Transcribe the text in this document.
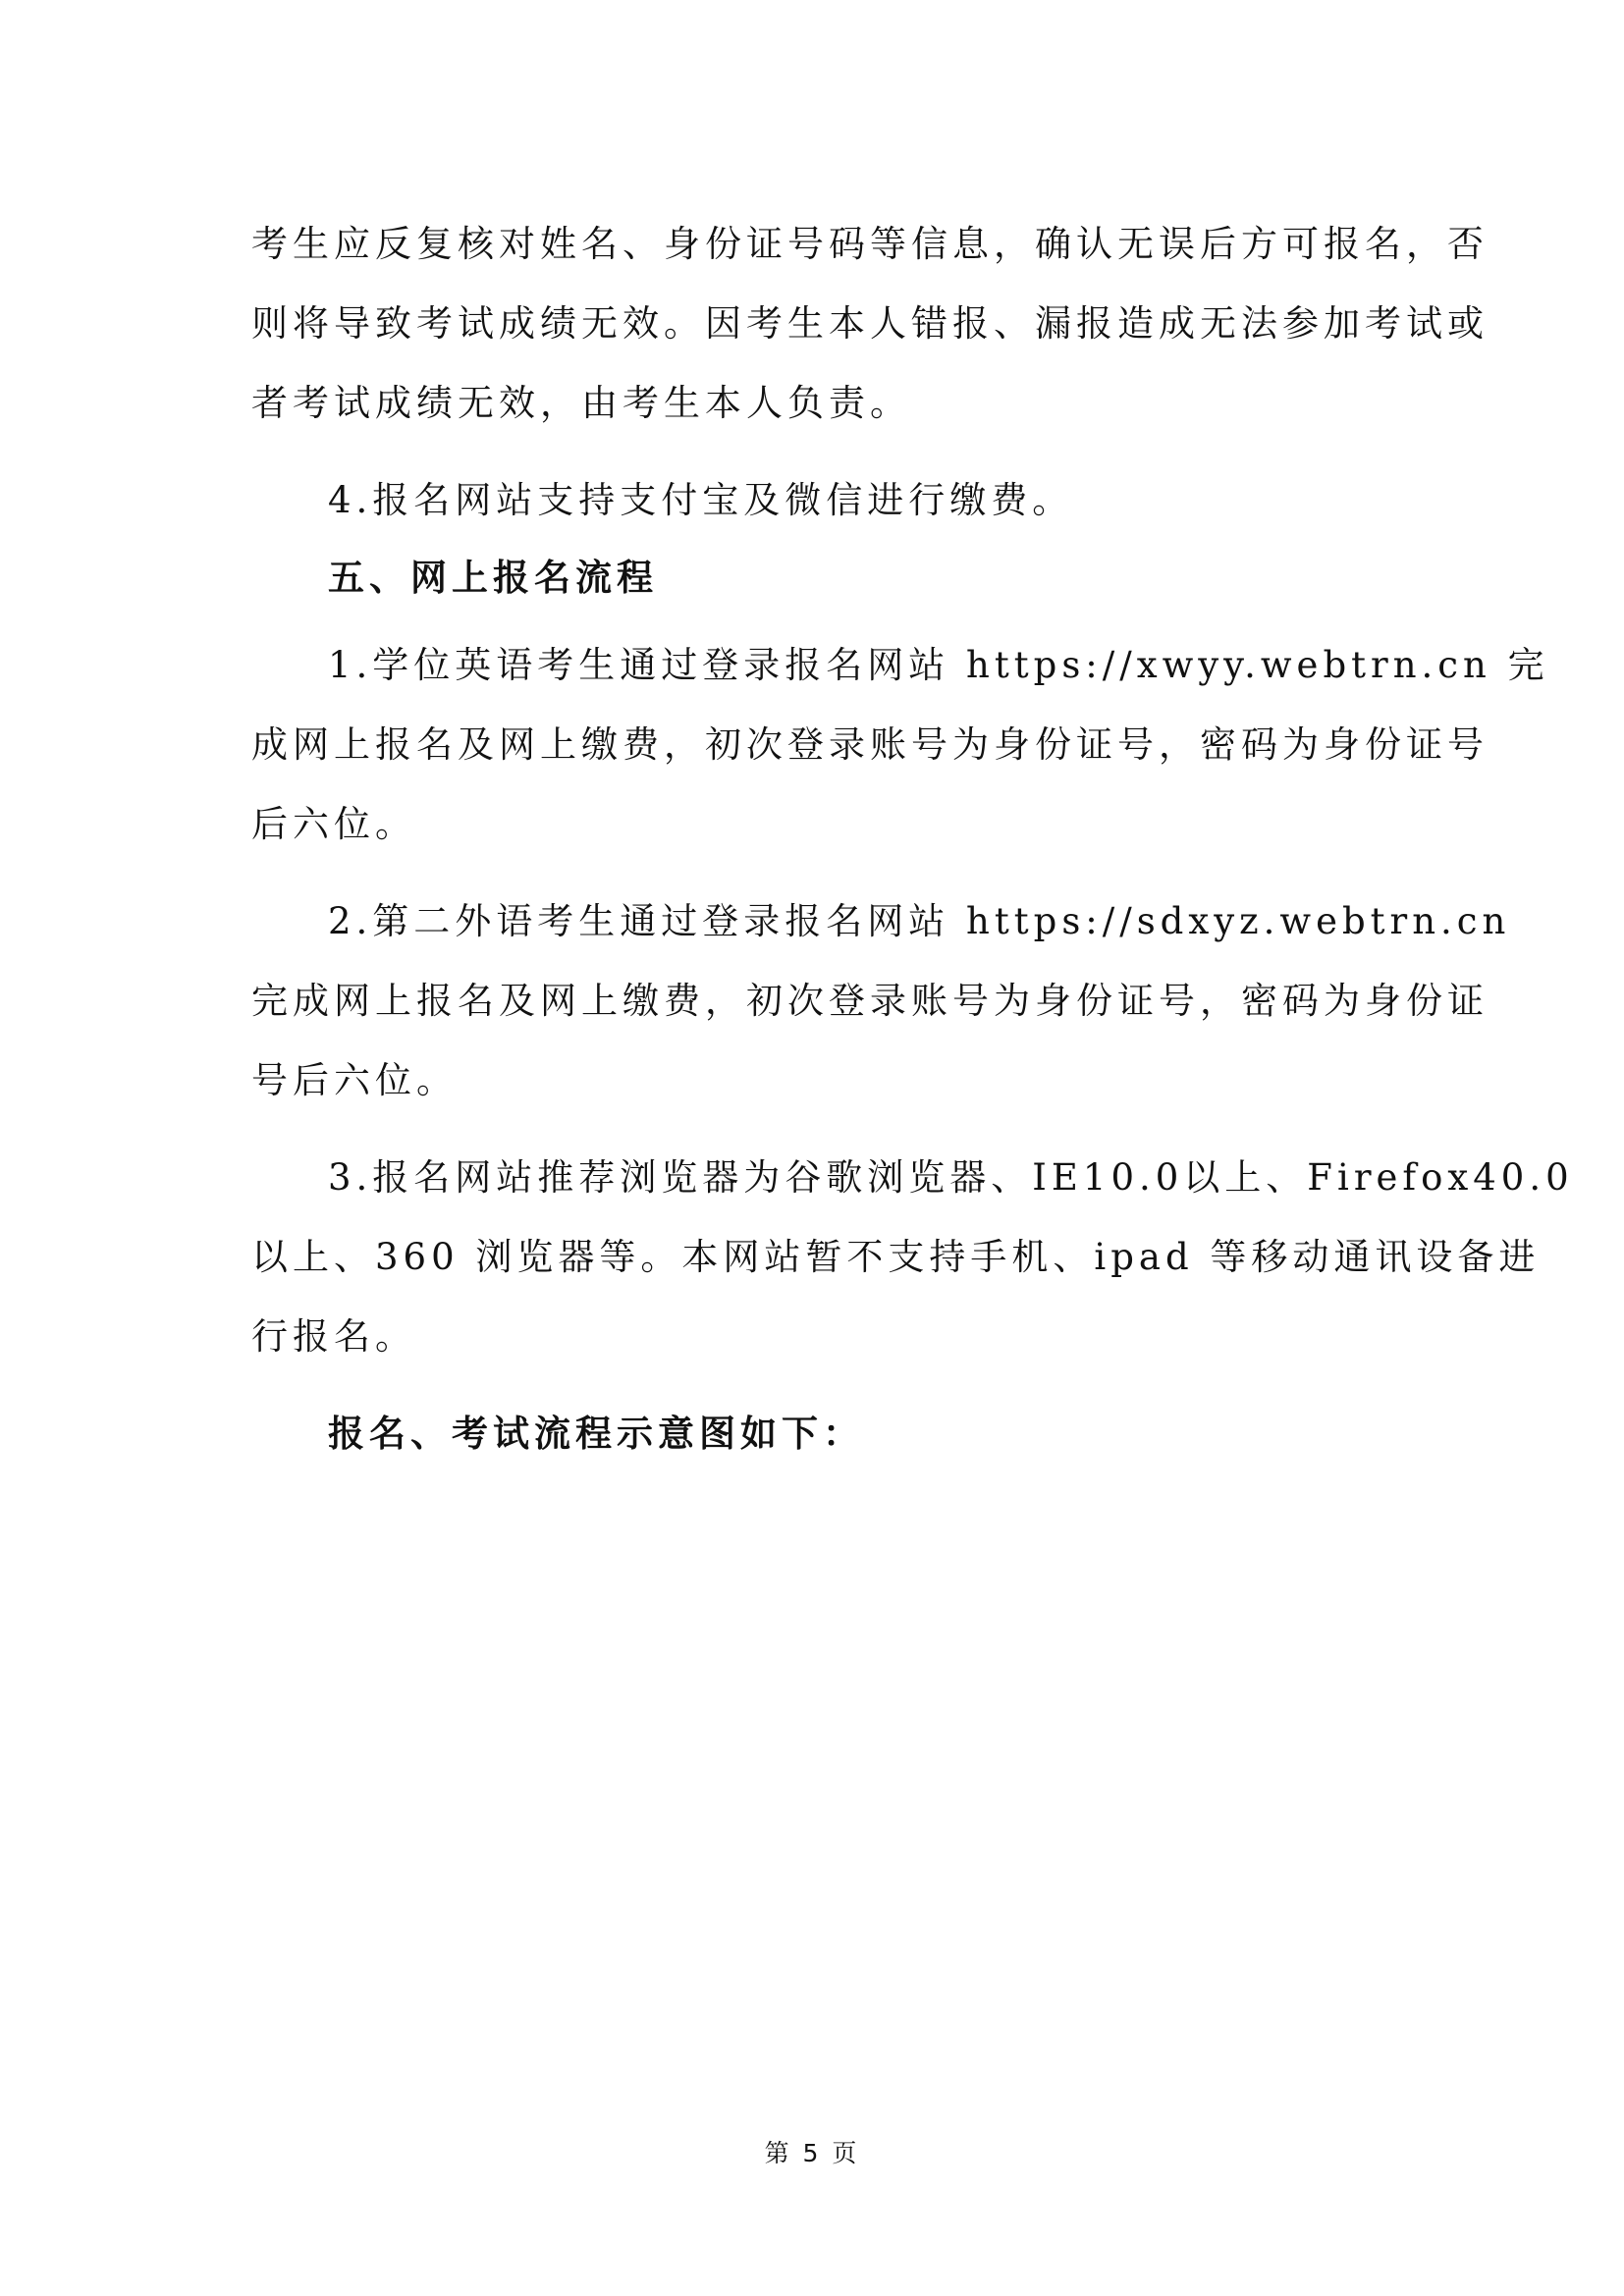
考生应反复核对姓名、身份证号码等信息，确认无误后方可报名，否
则将导致考试成绩无效。因考生本人错报、漏报造成无法参加考试或
者考试成绩无效，由考生本人负责。

4.报名网站支持支付宝及微信进行缴费。

五、网上报名流程

1.学位英语考生通过登录报名网站 https://xwyy.webtrn.cn 完
成网上报名及网上缴费，初次登录账号为身份证号，密码为身份证号
后六位。

2.第二外语考生通过登录报名网站 https://sdxyz.webtrn.cn
完成网上报名及网上缴费，初次登录账号为身份证号，密码为身份证
号后六位。

3.报名网站推荐浏览器为谷歌浏览器、IE10.0以上、Firefox40.0
以上、360 浏览器等。本网站暂不支持手机、ipad 等移动通讯设备进
行报名。

报名、考试流程示意图如下：
第 5 页
